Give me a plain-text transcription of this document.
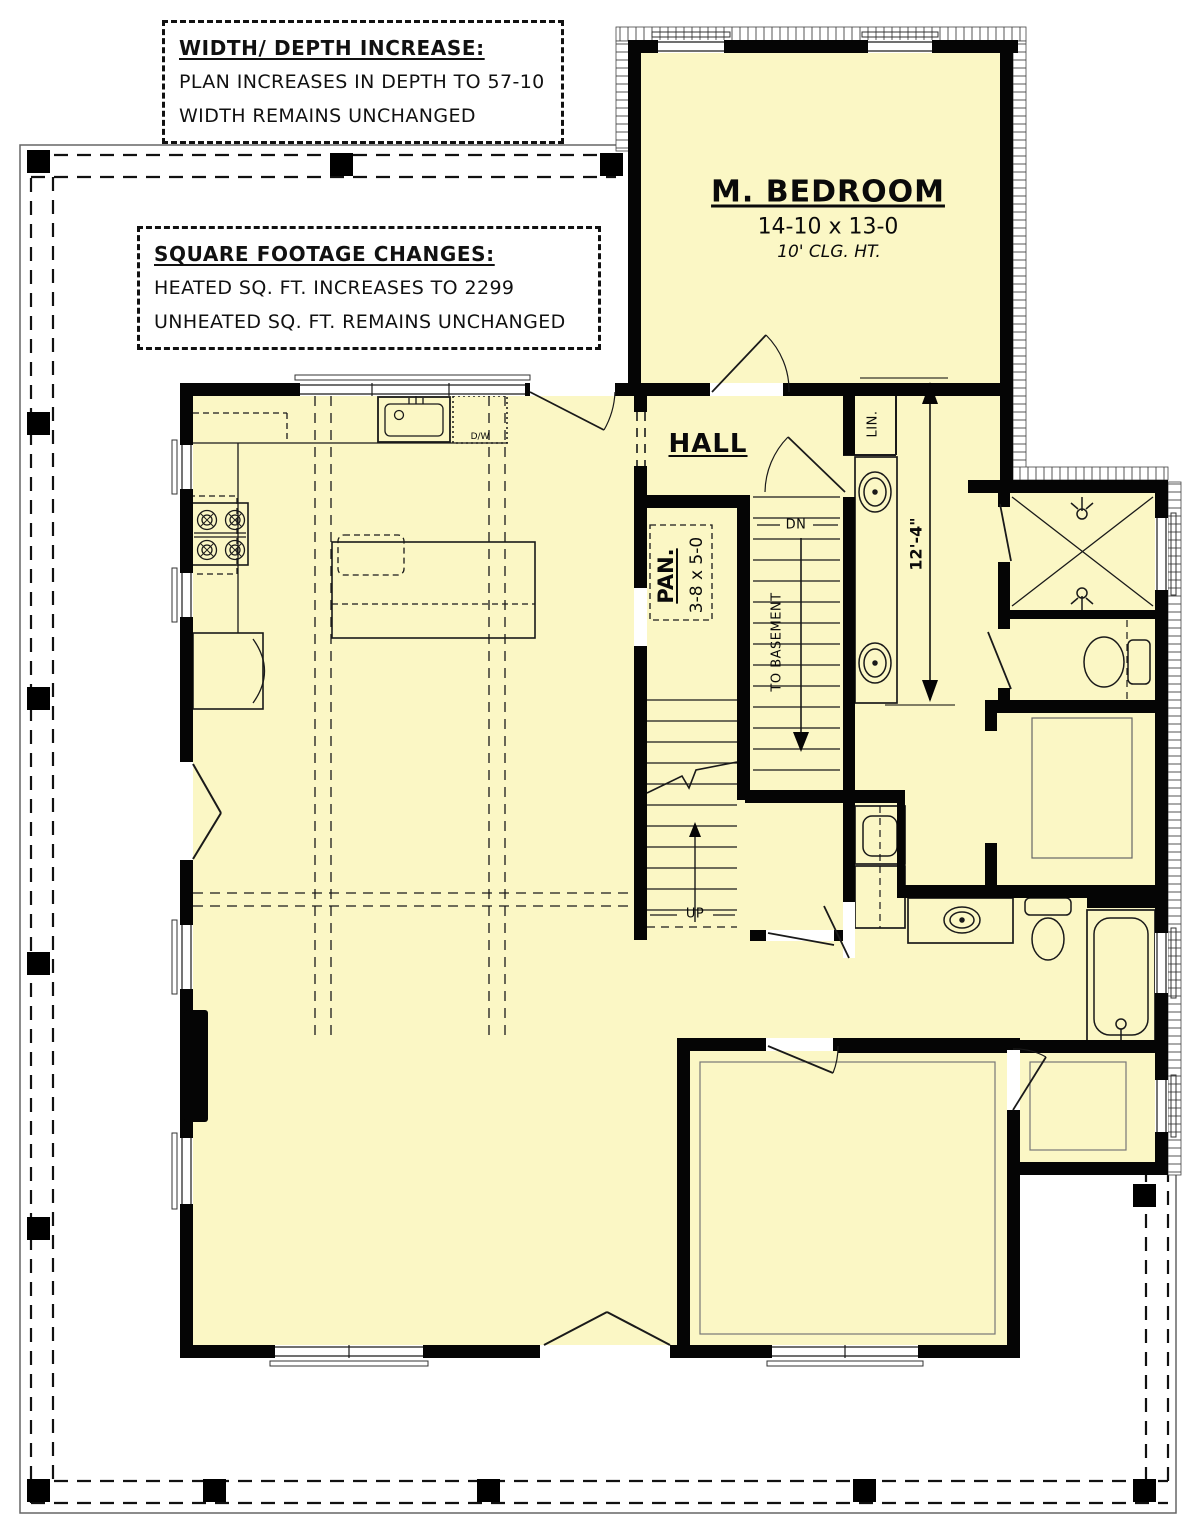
WIDTH/ DEPTH INCREASE:
PLAN INCREASES IN DEPTH TO 57-10
WIDTH REMAINS UNCHANGED
SQUARE FOOTAGE CHANGES:
HEATED SQ. FT. INCREASES TO 2299
UNHEATED SQ. FT. REMAINS UNCHANGED
M. BEDROOM
14-10 x 13-0
10' CLG. HT.
HALL
PAN. 3-8 x 5-0
LIN.
DN
TO BASEMENT
UP
12'-4"
D/W
